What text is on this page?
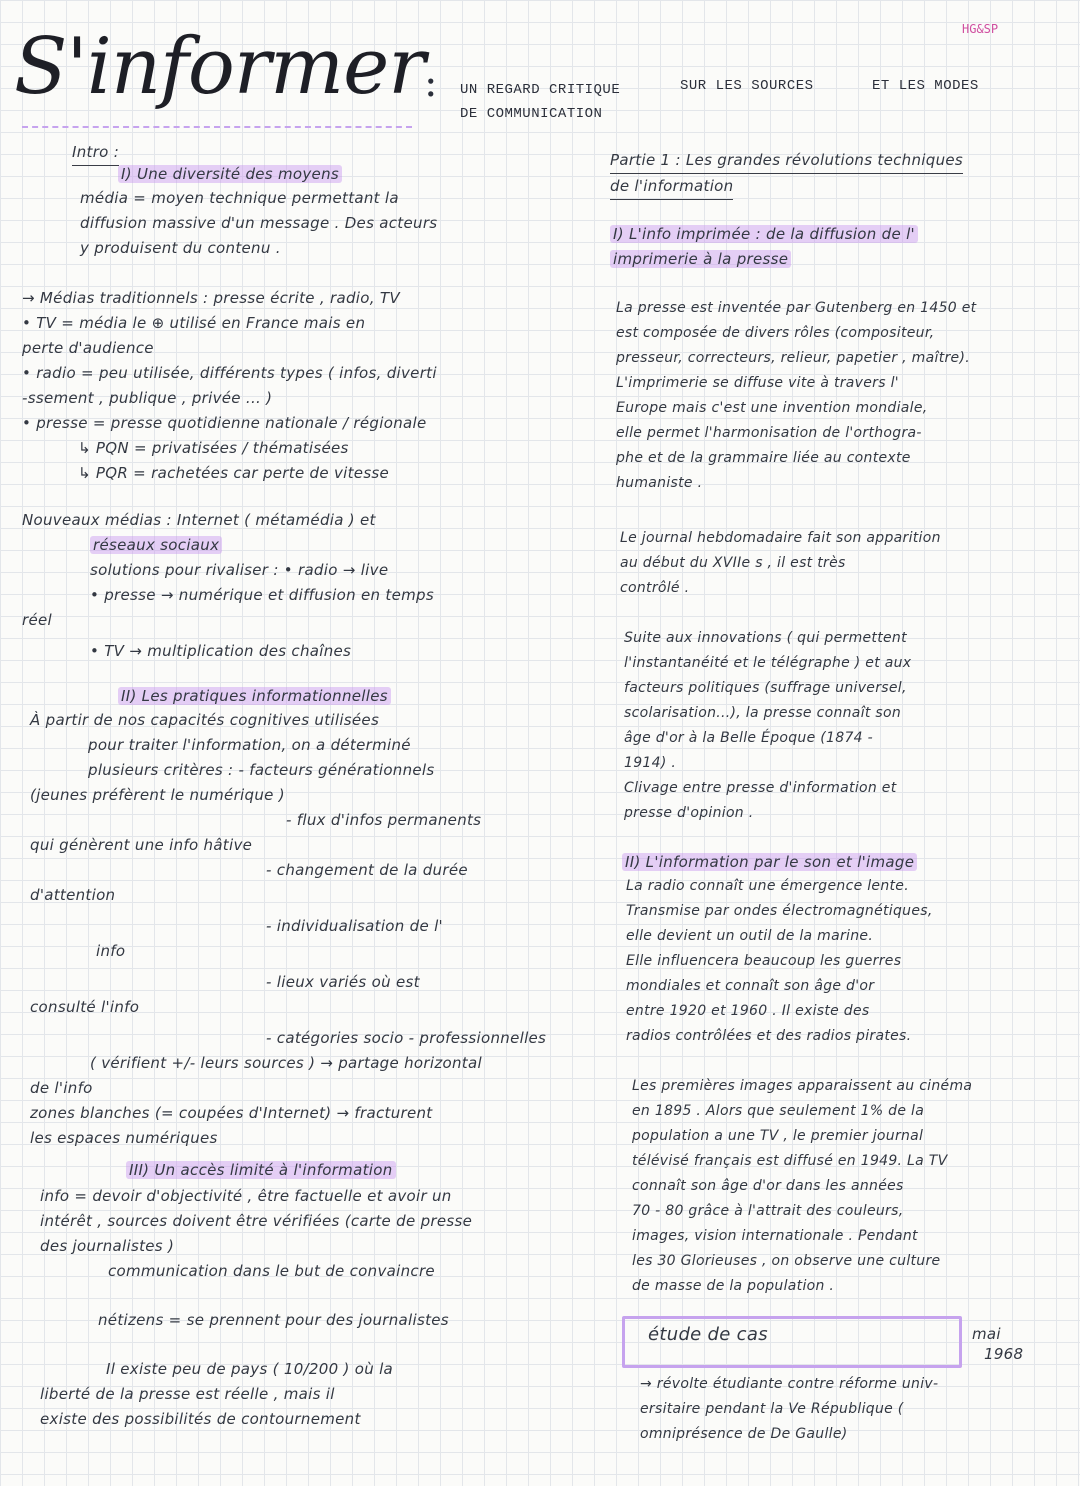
HG&SP
S'informer : UN REGARD CRITIQUE	SUR LES SOURCES	ET LES MODES
DE COMMUNICATION
Intro :
I) Une diversité des moyens
média = moyen technique permettant la
diffusion massive d'un message . Des acteurs
y produisent du contenu .
→ Médias traditionnels : presse écrite , radio, TV
• TV = média le ⊕ utilisé en France mais en
perte d'audience
• radio = peu utilisée, différents types ( infos, diverti
-ssement , publique , privée ... )
• presse = presse quotidienne nationale / régionale
↳ PQN = privatisées / thématisées
↳ PQR = rachetées car perte de vitesse
Nouveaux médias : Internet ( métamédia ) et
réseaux sociaux
solutions pour rivaliser : • radio → live
• presse → numérique et diffusion en temps
réel
• TV → multiplication des chaînes
II) Les pratiques informationnelles
À partir de nos capacités cognitives utilisées
pour traiter l'information, on a déterminé
plusieurs critères : - facteurs générationnels
(jeunes préfèrent le numérique )
- flux d'infos permanents
qui génèrent une info hâtive
- changement de la durée
d'attention
- individualisation de l'
info
- lieux variés où est
consulté l'info
- catégories socio - professionnelles
( vérifient +/- leurs sources ) → partage horizontal
de l'info
zones blanches (= coupées d'Internet) → fracturent
les espaces numériques
III) Un accès limité à l'information
info = devoir d'objectivité , être factuelle et avoir un
intérêt , sources doivent être vérifiées (carte de presse
des journalistes )
communication dans le but de convaincre
nétizens = se prennent pour des journalistes
Il existe peu de pays ( 10/200 ) où la
liberté de la presse est réelle , mais il
existe des possibilités de contournement
Partie 1 : Les grandes révolutions techniques
de l'information
I) L'info imprimée : de la diffusion de l'
imprimerie à la presse
La presse est inventée par Gutenberg en 1450 et
est composée de divers rôles (compositeur,
presseur, correcteurs, relieur, papetier , maître).
L'imprimerie se diffuse vite à travers l'
Europe mais c'est une invention mondiale,
elle permet l'harmonisation de l'orthogra-
phe et de la grammaire liée au contexte
humaniste .
Le journal hebdomadaire fait son apparition
au début du XVIIe s , il est très
contrôlé .
Suite aux innovations ( qui permettent
l'instantanéité et le télégraphe ) et aux
facteurs politiques (suffrage universel,
scolarisation...), la presse connaît son
âge d'or à la Belle Époque (1874 -
1914) .
Clivage entre presse d'information et
presse d'opinion .
II) L'information par le son et l'image
La radio connaît une émergence lente.
Transmise par ondes électromagnétiques,
elle devient un outil de la marine.
Elle influencera beaucoup les guerres
mondiales et connaît son âge d'or
entre 1920 et 1960 . Il existe des
radios contrôlées et des radios pirates.
Les premières images apparaissent au cinéma
en 1895 . Alors que seulement 1% de la
population a une TV , le premier journal
télévisé français est diffusé en 1949. La TV
connaît son âge d'or dans les années
70 - 80 grâce à l'attrait des couleurs,
images, vision internationale . Pendant
les 30 Glorieuses , on observe une culture
de masse de la population .
étude de cas	mai
1968
→ révolte étudiante contre réforme univ-
ersitaire pendant la Ve République (
omniprésence de De Gaulle)
